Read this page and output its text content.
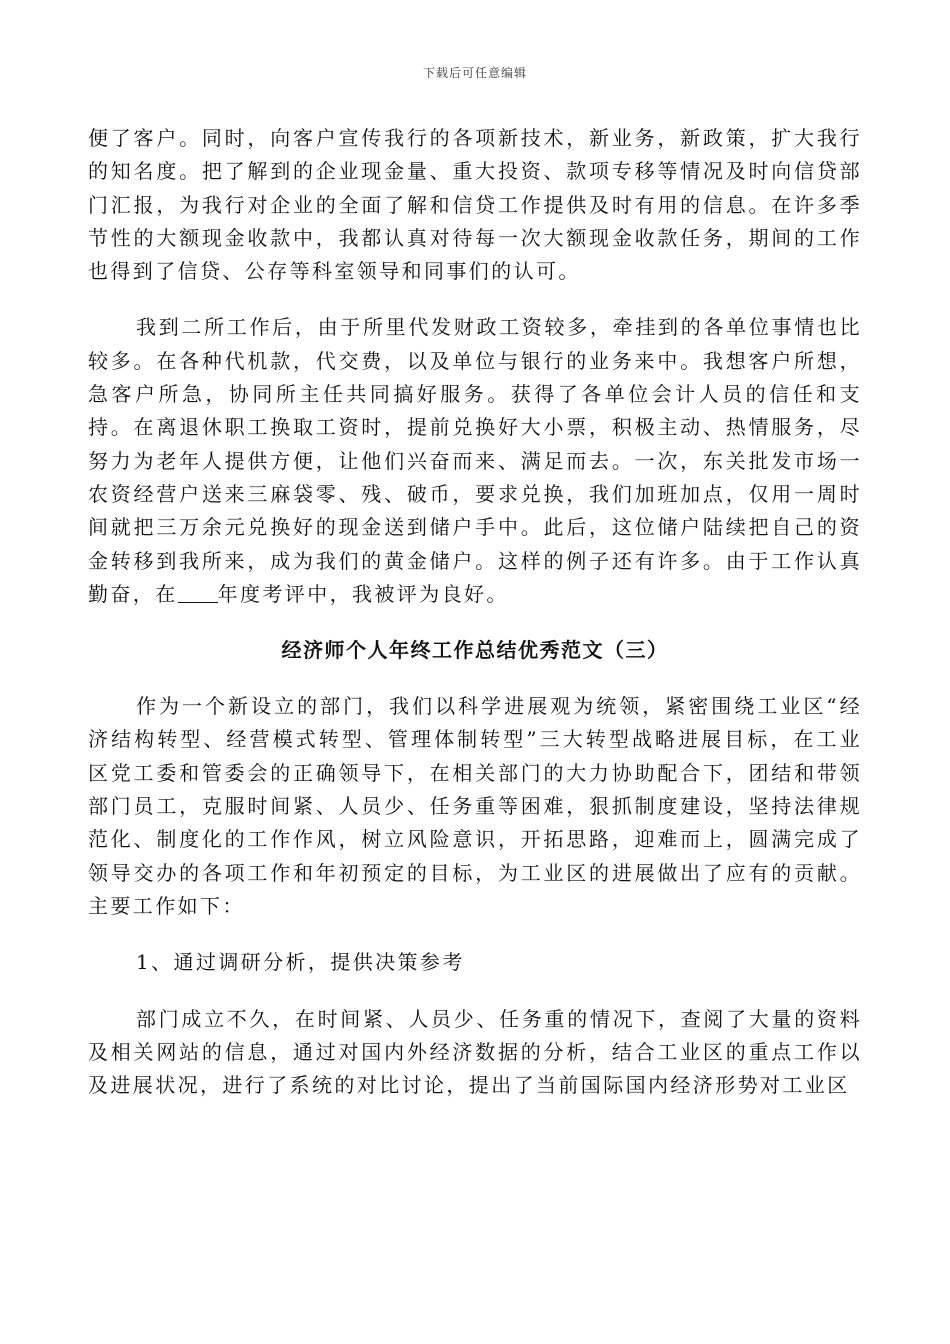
下载后可任意编辑

便了客户。同时，向客户宣传我行的各项新技术，新业务，新政策，扩大我行的知名度。把了解到的企业现金量、重大投资、款项专移等情况及时向信贷部门汇报，为我行对企业的全面了解和信贷工作提供及时有用的信息。在许多季节性的大额现金收款中，我都认真对待每一次大额现金收款任务，期间的工作也得到了信贷、公存等科室领导和同事们的认可。

我到二所工作后，由于所里代发财政工资较多，牵挂到的各单位事情也比较多。在各种代机款，代交费，以及单位与银行的业务来中。我想客户所想，急客户所急，协同所主任共同搞好服务。获得了各单位会计人员的信任和支持。在离退休职工换取工资时，提前兑换好大小票，积极主动、热情服务，尽努力为老年人提供方便，让他们兴奋而来、满足而去。一次，东关批发市场一农资经营户送来三麻袋零、残、破币，要求兑换，我们加班加点，仅用一周时间就把三万余元兑换好的现金送到储户手中。此后，这位储户陆续把自己的资金转移到我所来，成为我们的黄金储户。这样的例子还有许多。由于工作认真勤奋，在 年度考评中，我被评为良好。

经济师个人年终工作总结优秀范文（三）

作为一个新设立的部门，我们以科学进展观为统领，紧密围绕工业区“经济结构转型、经营模式转型、管理体制转型”三大转型战略进展目标，在工业区党工委和管委会的正确领导下，在相关部门的大力协助配合下，团结和带领部门员工，克服时间紧、人员少、任务重等困难，狠抓制度建设，坚持法律规范化、制度化的工作作风，树立风险意识，开拓思路，迎难而上，圆满完成了领导交办的各项工作和年初预定的目标，为工业区的进展做出了应有的贡献。主要工作如下：

1、通过调研分析，提供决策参考

部门成立不久，在时间紧、人员少、任务重的情况下，查阅了大量的资料及相关网站的信息，通过对国内外经济数据的分析，结合工业区的重点工作以及进展状况，进行了系统的对比讨论，提出了当前国际国内经济形势对工业区
